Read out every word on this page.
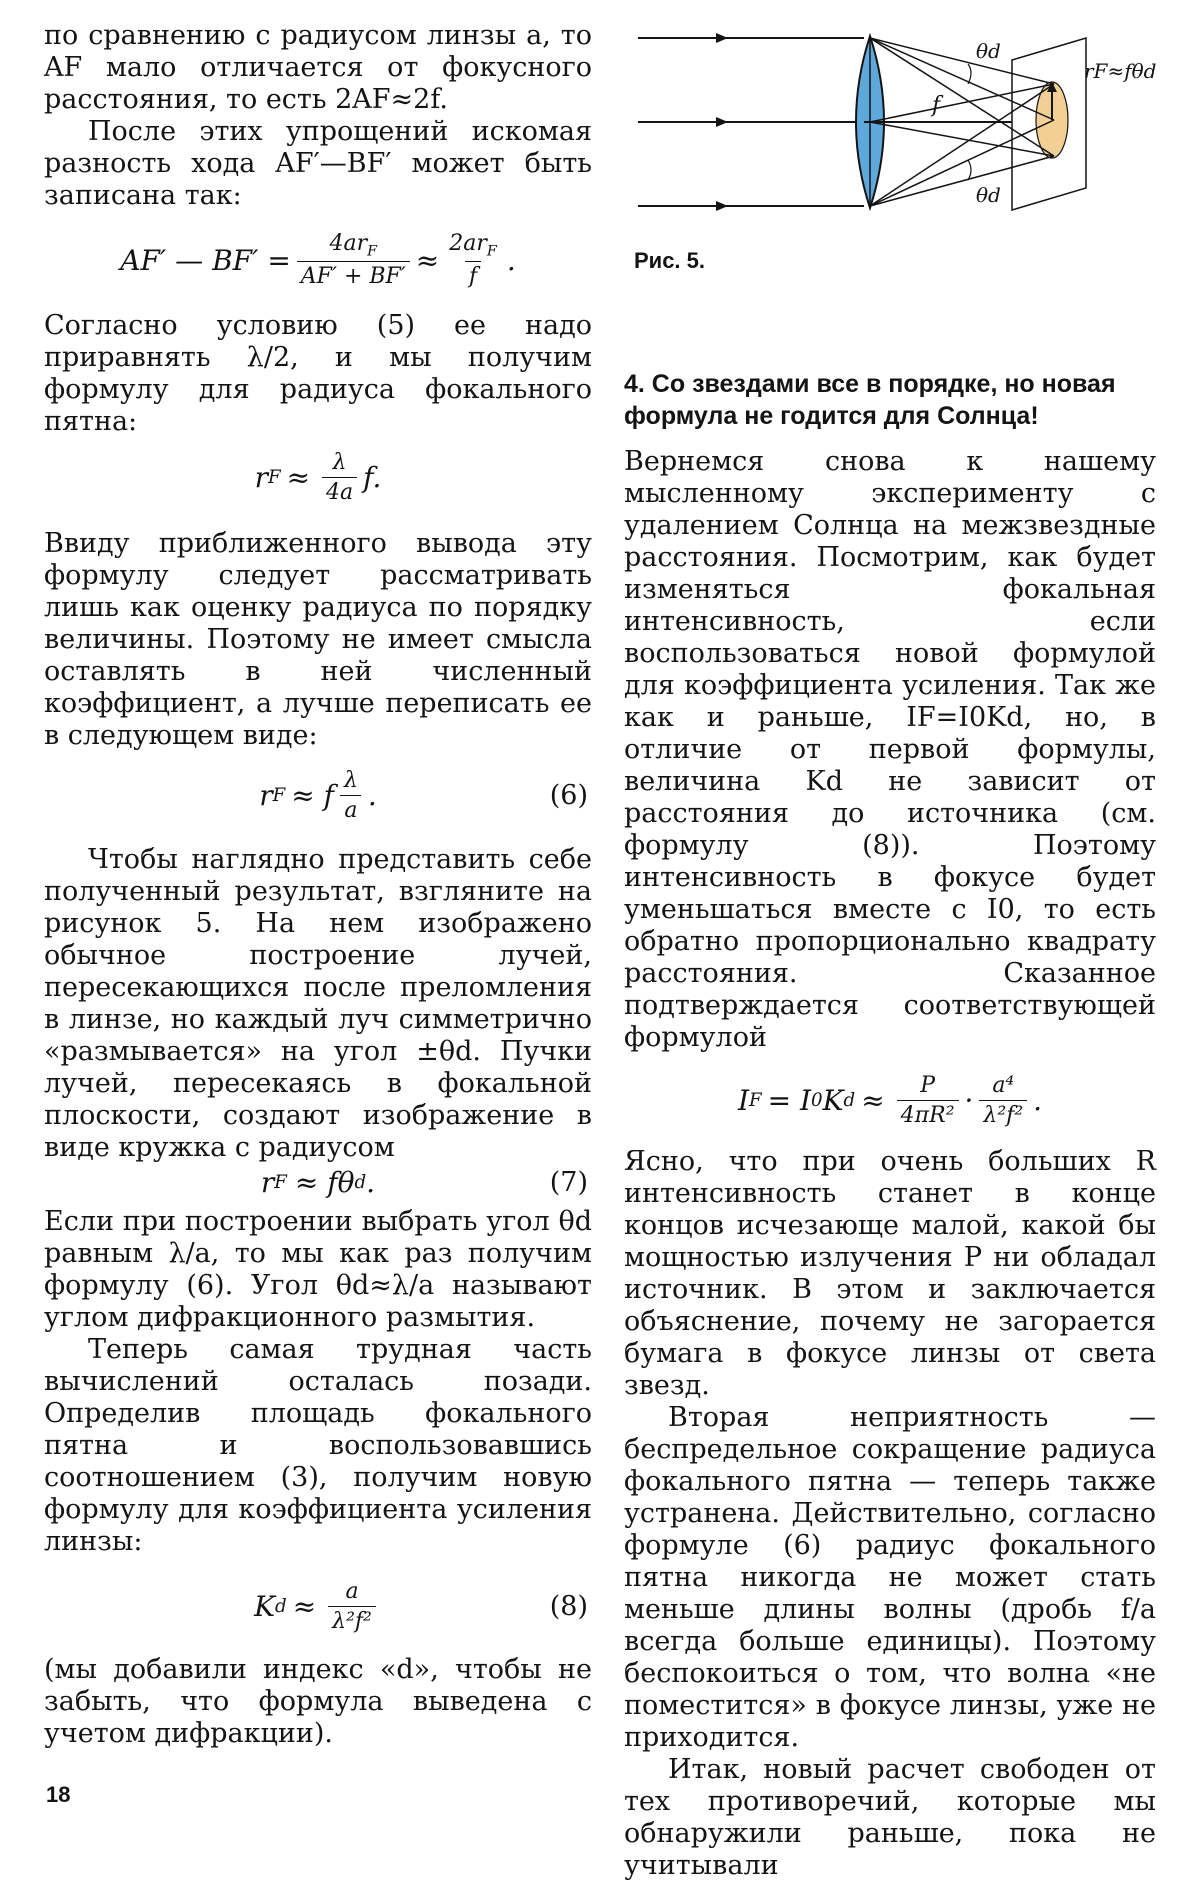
по сравнению с радиусом линзы a, то AF мало отличается от фокусного расстояния, то есть 2AF≈2f.

После этих упрощений искомая разность хода AF′—BF′ может быть записана так:

AF′ — $BF' = \frac{4ar_F}{AF' + BF'} \approx \frac{2ar_F}{f}$ .

Согласно условию (5) ее надо приравнять λ/2, и мы получим формулу для радиуса фокального пятна:

r $F \approx \frac{\lambda}{4a} f$.

Ввиду приближенного вывода эту формулу следует рассматривать лишь как оценку радиуса по порядку величины. Поэтому не имеет смысла оставлять в ней численный коэффициент, а лучше переписать ее в следующем виде:

r F ≈ f $\frac{\lambda}{a}$ .	(6)

Чтобы наглядно представить себе полученный результат, взгляните на рисунок 5. На нем изображено обычное построение лучей, пересекающихся после преломления в линзе, но каждый луч симметрично «размывается» на угол ±θd. Пучки лучей, пересекаясь в фокальной плоскости, создают изображение в виде кружка с радиусом

r F ≈ fθ d .	(7)

Если при построении выбрать угол θd равным λ/a, то мы как раз получим формулу (6). Угол θd≈λ/a называют углом дифракционного размытия.

Теперь самая трудная часть вычислений осталась позади. Определив площадь фокального пятна и воспользовавшись соотношением (3), получим новую формулу для коэффициента усиления линзы:

K $d \approx \frac{a}{\text{λ²f²}}$	(8)

(мы добавили индекс «d», чтобы не забыть, что формула выведена с учетом дифракции).

θd
f
rF≈fθd
θd
Рис. 5.
4. Со звездами все в порядке, но новая формула не годится для Солнца!

Вернемся снова к нашему мысленному эксперименту с удалением Солнца на межзвездные расстояния. Посмотрим, как будет изменяться фокальная интенсивность, если воспользоваться новой формулой для коэффициента усиления. Так же как и раньше, IF=I0Kd, но, в отличие от первой формулы, величина Kd не зависит от расстояния до источника (см. формулу (8)). Поэтому интенсивность в фокусе будет уменьшаться вместе с I0, то есть обратно пропорционально квадрату расстояния. Сказанное подтверждается соответствующей формулой

I F = I 0 K $d \approx \frac{P}{\text{4πR²}} \cdot \frac{\text{a⁴}}{\text{λ²f²}}$ .

Ясно, что при очень больших R интенсивность станет в конце концов исчезающе малой, какой бы мощностью излучения P ни обладал источник. В этом и заключается объяснение, почему не загорается бумага в фокусе линзы от света звезд.

Вторая неприятность — беспредельное сокращение радиуса фокального пятна — теперь также устранена. Действительно, согласно формуле (6) радиус фокального пятна никогда не может стать меньше длины волны (дробь f/a всегда больше единицы). Поэтому беспокоиться о том, что волна «не поместится» в фокусе линзы, уже не приходится.

Итак, новый расчет свободен от тех противоречий, которые мы обнаружили раньше, пока не учитывали

18
